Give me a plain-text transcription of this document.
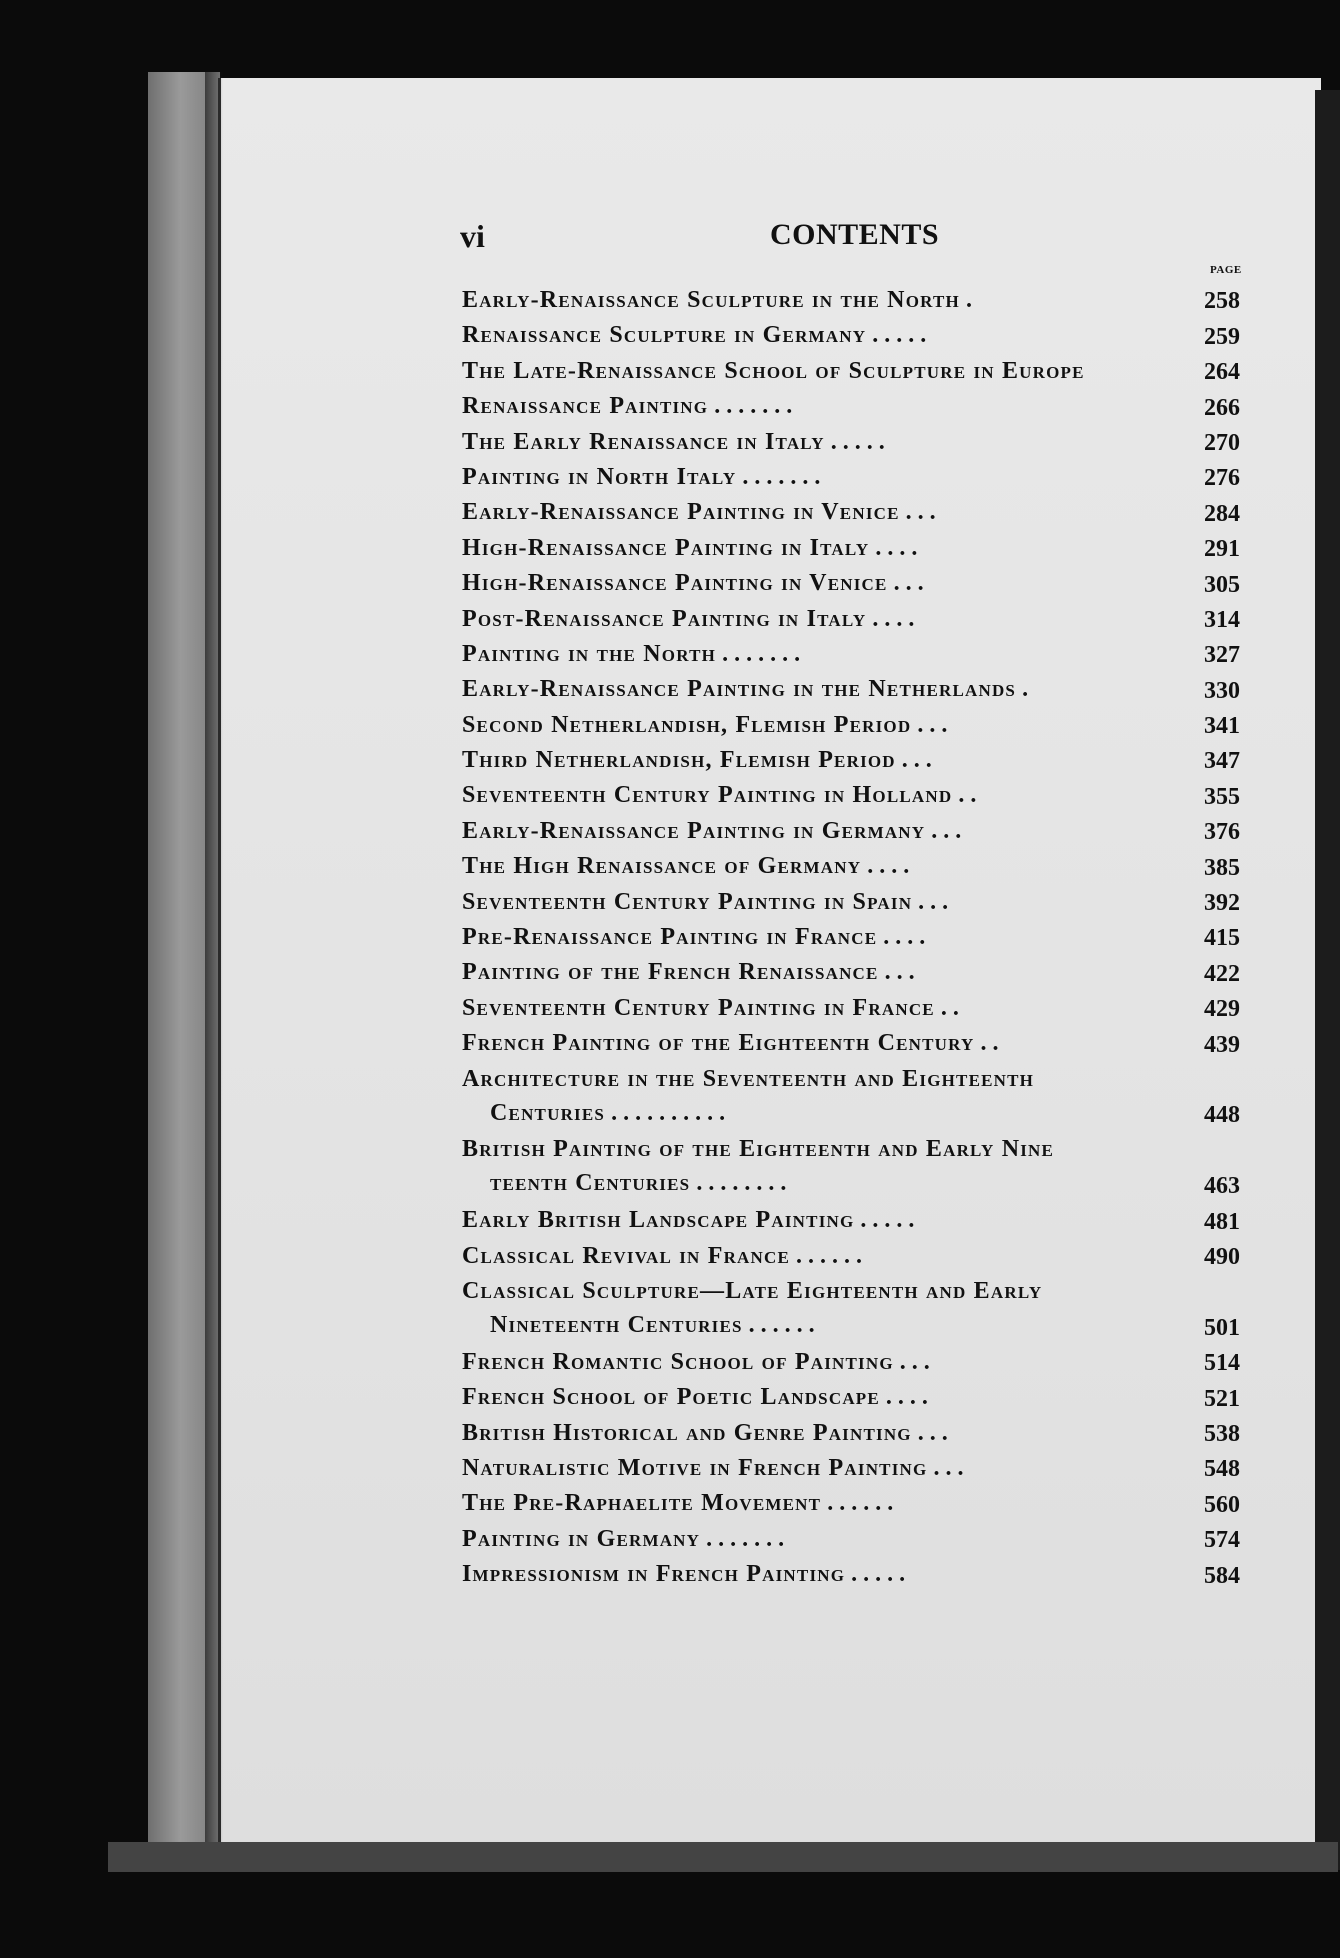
vi	CONTENTS
PAGE
Early-Renaissance Sculpture in the North .	258
Renaissance Sculpture in Germany . . . . .	259
The Late-Renaissance School of Sculpture in Europe	264
Renaissance Painting . . . . . . .	266
The Early Renaissance in Italy . . . . .	270
Painting in North Italy . . . . . . .	276
Early-Renaissance Painting in Venice . . .	284
High-Renaissance Painting in Italy . . . .	291
High-Renaissance Painting in Venice . . .	305
Post-Renaissance Painting in Italy . . . .	314
Painting in the North . . . . . . .	327
Early-Renaissance Painting in the Netherlands .	330
Second Netherlandish, Flemish Period . . .	341
Third Netherlandish, Flemish Period . . .	347
Seventeenth Century Painting in Holland . .	355
Early-Renaissance Painting in Germany . . .	376
The High Renaissance of Germany . . . .	385
Seventeenth Century Painting in Spain . . .	392
Pre-Renaissance Painting in France . . . .	415
Painting of the French Renaissance . . .	422
Seventeenth Century Painting in France . .	429
French Painting of the Eighteenth Century . .	439
Architecture in the Seventeenth and Eighteenth
Centuries . . . . . . . . . .	448
British Painting of the Eighteenth and Early Nine
teenth Centuries . . . . . . . .	463
Early British Landscape Painting . . . . .	481
Classical Revival in France . . . . . .	490
Classical Sculpture—Late Eighteenth and Early
Nineteenth Centuries . . . . . .	501
French Romantic School of Painting . . .	514
French School of Poetic Landscape . . . .	521
British Historical and Genre Painting . . .	538
Naturalistic Motive in French Painting . . .	548
The Pre-Raphaelite Movement . . . . . .	560
Painting in Germany . . . . . . .	574
Impressionism in French Painting . . . . .	584
